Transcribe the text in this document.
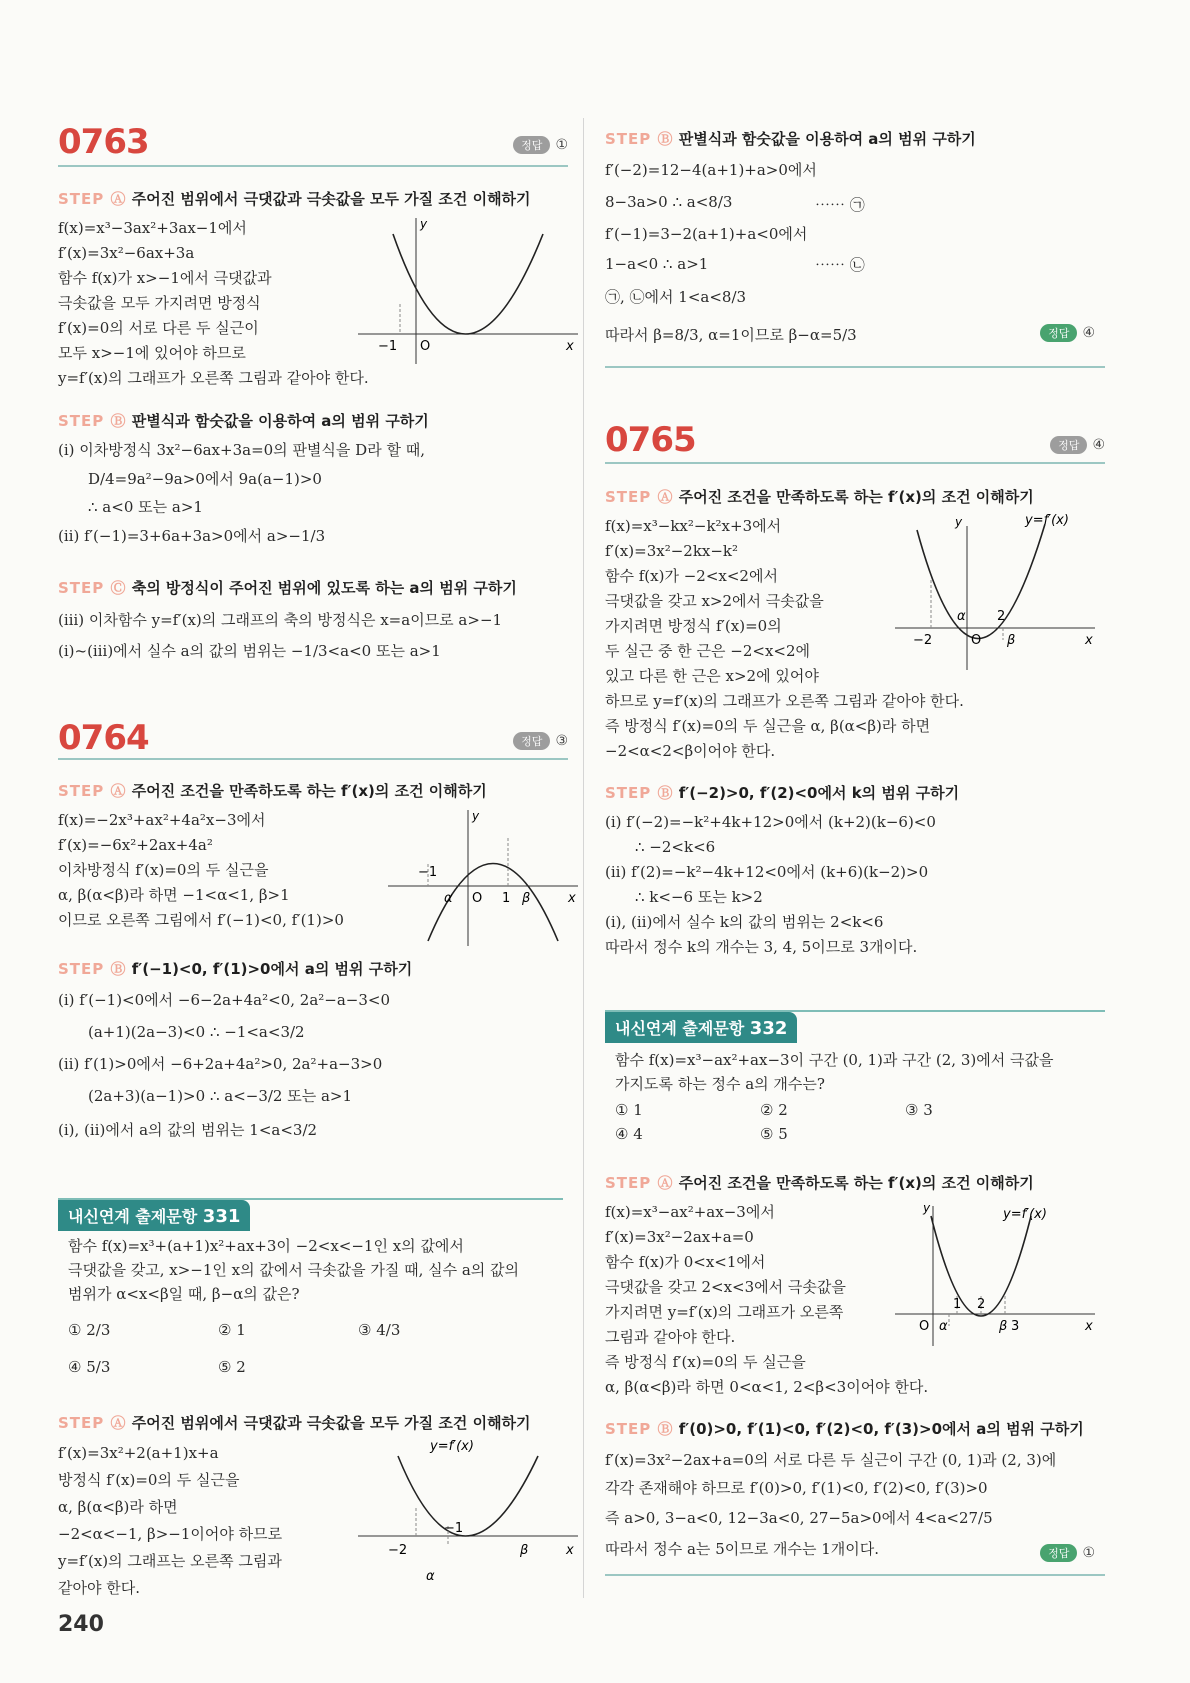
0763	정답 ①
STEP Ⓐ 주어진 범위에서 극댓값과 극솟값을 모두 가질 조건 이해하기
f(x)=x³−3ax²+3ax−1에서
f′(x)=3x²−6ax+3a
함수 f(x)가 x>−1에서 극댓값과
극솟값을 모두 가지려면 방정식
f′(x)=0의 서로 다른 두 실근이
모두 x>−1에 있어야 하므로
y=f′(x)의 그래프가 오른쪽 그림과 같아야 한다.
y
x
−1 O
STEP Ⓑ 판별식과 함숫값을 이용하여 a의 범위 구하기
(ⅰ) 이차방정식 3x²−6ax+3a=0의 판별식을 D라 할 때,
D/4=9a²−9a>0에서 9a(a−1)>0
∴ a<0 또는 a>1
(ⅱ) f′(−1)=3+6a+3a>0에서 a>−1/3
STEP Ⓒ 축의 방정식이 주어진 범위에 있도록 하는 a의 범위 구하기
(ⅲ) 이차함수 y=f′(x)의 그래프의 축의 방정식은 x=a이므로 a>−1
(ⅰ)~(ⅲ)에서 실수 a의 값의 범위는 −1/3<a<0 또는 a>1
0764	정답 ③
STEP Ⓐ 주어진 조건을 만족하도록 하는 f′(x)의 조건 이해하기
f(x)=−2x³+ax²+4a²x−3에서
f′(x)=−6x²+2ax+4a²
이차방정식 f′(x)=0의 두 실근을
α, β(α<β)라 하면 −1<α<1, β>1
이므로 오른쪽 그림에서 f′(−1)<0, f′(1)>0
y
x
−1
O 1
α	β
STEP Ⓑ f′(−1)<0, f′(1)>0에서 a의 범위 구하기
(ⅰ) f′(−1)<0에서 −6−2a+4a²<0, 2a²−a−3<0
(a+1)(2a−3)<0 ∴ −1<a<3/2
(ⅱ) f′(1)>0에서 −6+2a+4a²>0, 2a²+a−3>0
(2a+3)(a−1)>0 ∴ a<−3/2 또는 a>1
(ⅰ), (ⅱ)에서 a의 값의 범위는 1<a<3/2
내신연계 출제문항 331
함수 f(x)=x³+(a+1)x²+ax+3이 −2<x<−1인 x의 값에서
극댓값을 갖고, x>−1인 x의 값에서 극솟값을 가질 때, 실수 a의 값의
범위가 α<x<β일 때, β−α의 값은?
① 2/3	② 1	③ 4/3
④ 5/3	⑤ 2
STEP Ⓐ 주어진 범위에서 극댓값과 극솟값을 모두 가질 조건 이해하기
f′(x)=3x²+2(a+1)x+a
방정식 f′(x)=0의 두 실근을
α, β(α<β)라 하면
−2<α<−1, β>−1이어야 하므로
y=f′(x)의 그래프는 오른쪽 그림과
같아야 한다.
y=f′(x)
x
−2
−1
α
β
240
STEP Ⓑ 판별식과 함숫값을 이용하여 a의 범위 구하기
f′(−2)=12−4(a+1)+a>0에서
8−3a>0 ∴ a<8/3
f′(−1)=3−2(a+1)+a<0에서
1−a<0 ∴ a>1
㉠, ㉡에서 1<a<8/3
따라서 β=8/3, α=1이므로 β−α=5/3
⋯⋯ ㉠
⋯⋯ ㉡
정답 ④
0765	정답 ④
STEP Ⓐ 주어진 조건을 만족하도록 하는 f′(x)의 조건 이해하기
f(x)=x³−kx²−k²x+3에서
f′(x)=3x²−2kx−k²
함수 f(x)가 −2<x<2에서
극댓값을 갖고 x>2에서 극솟값을
가지려면 방정식 f′(x)=0의
두 실근 중 한 근은 −2<x<2에
있고 다른 한 근은 x>2에 있어야
하므로 y=f′(x)의 그래프가 오른쪽 그림과 같아야 한다.
즉 방정식 f′(x)=0의 두 실근을 α, β(α<β)라 하면
−2<α<2<β이어야 한다.
y=f′(x)
y
x
−2	O
2
α
β
STEP Ⓑ f′(−2)>0, f′(2)<0에서 k의 범위 구하기
(ⅰ) f′(−2)=−k²+4k+12>0에서 (k+2)(k−6)<0
∴ −2<k<6
(ⅱ) f′(2)=−k²−4k+12<0에서 (k+6)(k−2)>0
∴ k<−6 또는 k>2
(ⅰ), (ⅱ)에서 실수 k의 값의 범위는 2<k<6
따라서 정수 k의 개수는 3, 4, 5이므로 3개이다.
내신연계 출제문항 332
함수 f(x)=x³−ax²+ax−3이 구간 (0, 1)과 구간 (2, 3)에서 극값을
가지도록 하는 정수 a의 개수는?
① 1	② 2	③ 3
④ 4	⑤ 5
STEP Ⓐ 주어진 조건을 만족하도록 하는 f′(x)의 조건 이해하기
f(x)=x³−ax²+ax−3에서
f′(x)=3x²−2ax+a=0
함수 f(x)가 0<x<1에서
극댓값을 갖고 2<x<3에서 극솟값을
가지려면 y=f′(x)의 그래프가 오른쪽
그림과 같아야 한다.
즉 방정식 f′(x)=0의 두 실근을
α, β(α<β)라 하면 0<α<1, 2<β<3이어야 한다.
y=f′(x)
y
x
O
1 2
3
α	β
STEP Ⓑ f′(0)>0, f′(1)<0, f′(2)<0, f′(3)>0에서 a의 범위 구하기
f′(x)=3x²−2ax+a=0의 서로 다른 두 실근이 구간 (0, 1)과 (2, 3)에
각각 존재해야 하므로 f′(0)>0, f′(1)<0, f′(2)<0, f′(3)>0
즉 a>0, 3−a<0, 12−3a<0, 27−5a>0에서 4<a<27/5
따라서 정수 a는 5이므로 개수는 1개이다.	정답 ①
